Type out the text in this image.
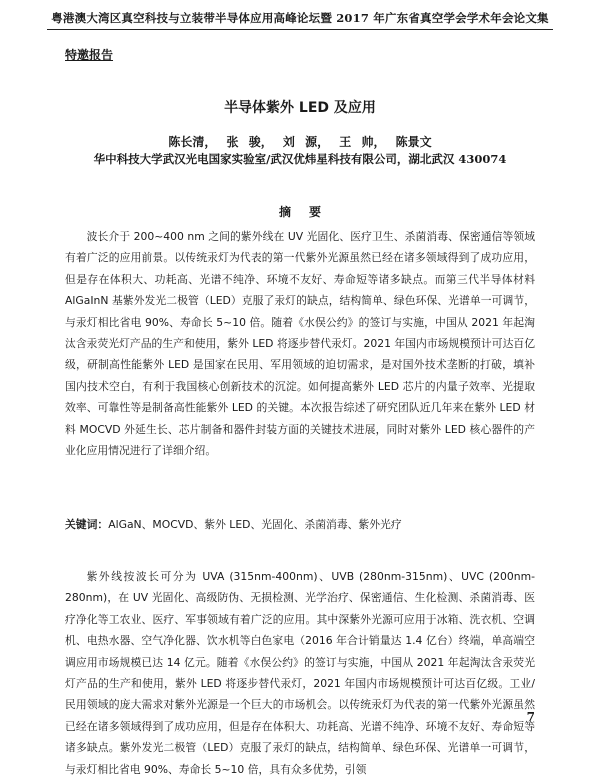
粤港澳大湾区真空科技与立装带半导体应用高峰论坛暨 2017 年广东省真空学会学术年会论文集
特邀报告
半导体紫外 LED 及应用
陈长清， 张 骏， 刘 源， 王 帅， 陈景文
华中科技大学武汉光电国家实验室/武汉优炜星科技有限公司，湖北武汉 430074
摘要

波长介于 200~400 nm 之间的紫外线在 UV 光固化、医疗卫生、杀菌消毒、保密通信等领域有着广泛的应用前景。以传统汞灯为代表的第一代紫外光源虽然已经在诸多领域得到了成功应用，但是存在体积大、功耗高、光谱不纯净、环境不友好、寿命短等诸多缺点。而第三代半导体材料 AlGaInN 基紫外发光二极管（LED）克服了汞灯的缺点，结构简单、绿色环保、光谱单一可调节，与汞灯相比省电 90%、寿命长 5~10 倍。随着《水俣公约》的签订与实施，中国从 2021 年起淘汰含汞荧光灯产品的生产和使用，紫外 LED 将逐步替代汞灯。2021 年国内市场规模预计可达百亿级，研制高性能紫外 LED 是国家在民用、军用领域的迫切需求，是对国外技术垄断的打破，填补国内技术空白，有利于我国核心创新技术的沉淀。如何提高紫外 LED 芯片的内量子效率、光提取效率、可靠性等是制备高性能紫外 LED 的关键。本次报告综述了研究团队近几年来在紫外 LED 材料 MOCVD 外延生长、芯片制备和器件封装方面的关键技术进展，同时对紫外 LED 核心器件的产业化应用情况进行了详细介绍。

关键词：AlGaN、MOCVD、紫外 LED、光固化、杀菌消毒、紫外光疗

紫外线按波长可分为 UVA (315nm-400nm)、UVB (280nm-315nm)、UVC (200nm-280nm)，在 UV 光固化、高级防伪、无损检测、光学治疗、保密通信、生化检测、杀菌消毒、医疗净化等工农业、医疗、军事领域有着广泛的应用。其中深紫外光源可应用于冰箱、洗衣机、空调机、电热水器、空气净化器、饮水机等白色家电（2016 年合计销量达 1.4 亿台）终端，单高端空调应用市场规模已达 14 亿元。随着《水俣公约》的签订与实施，中国从 2021 年起淘汰含汞荧光灯产品的生产和使用，紫外 LED 将逐步替代汞灯，2021 年国内市场规模预计可达百亿级。工业/民用领域的庞大需求对紫外光源是一个巨大的市场机会。以传统汞灯为代表的第一代紫外光源虽然已经在诸多领域得到了成功应用，但是存在体积大、功耗高、光谱不纯净、环境不友好、寿命短等诸多缺点。紫外发光二极管（LED）克服了汞灯的缺点，结构简单、绿色环保、光谱单一可调节，与汞灯相比省电 90%、寿命长 5~10 倍，具有众多优势，引领

7
